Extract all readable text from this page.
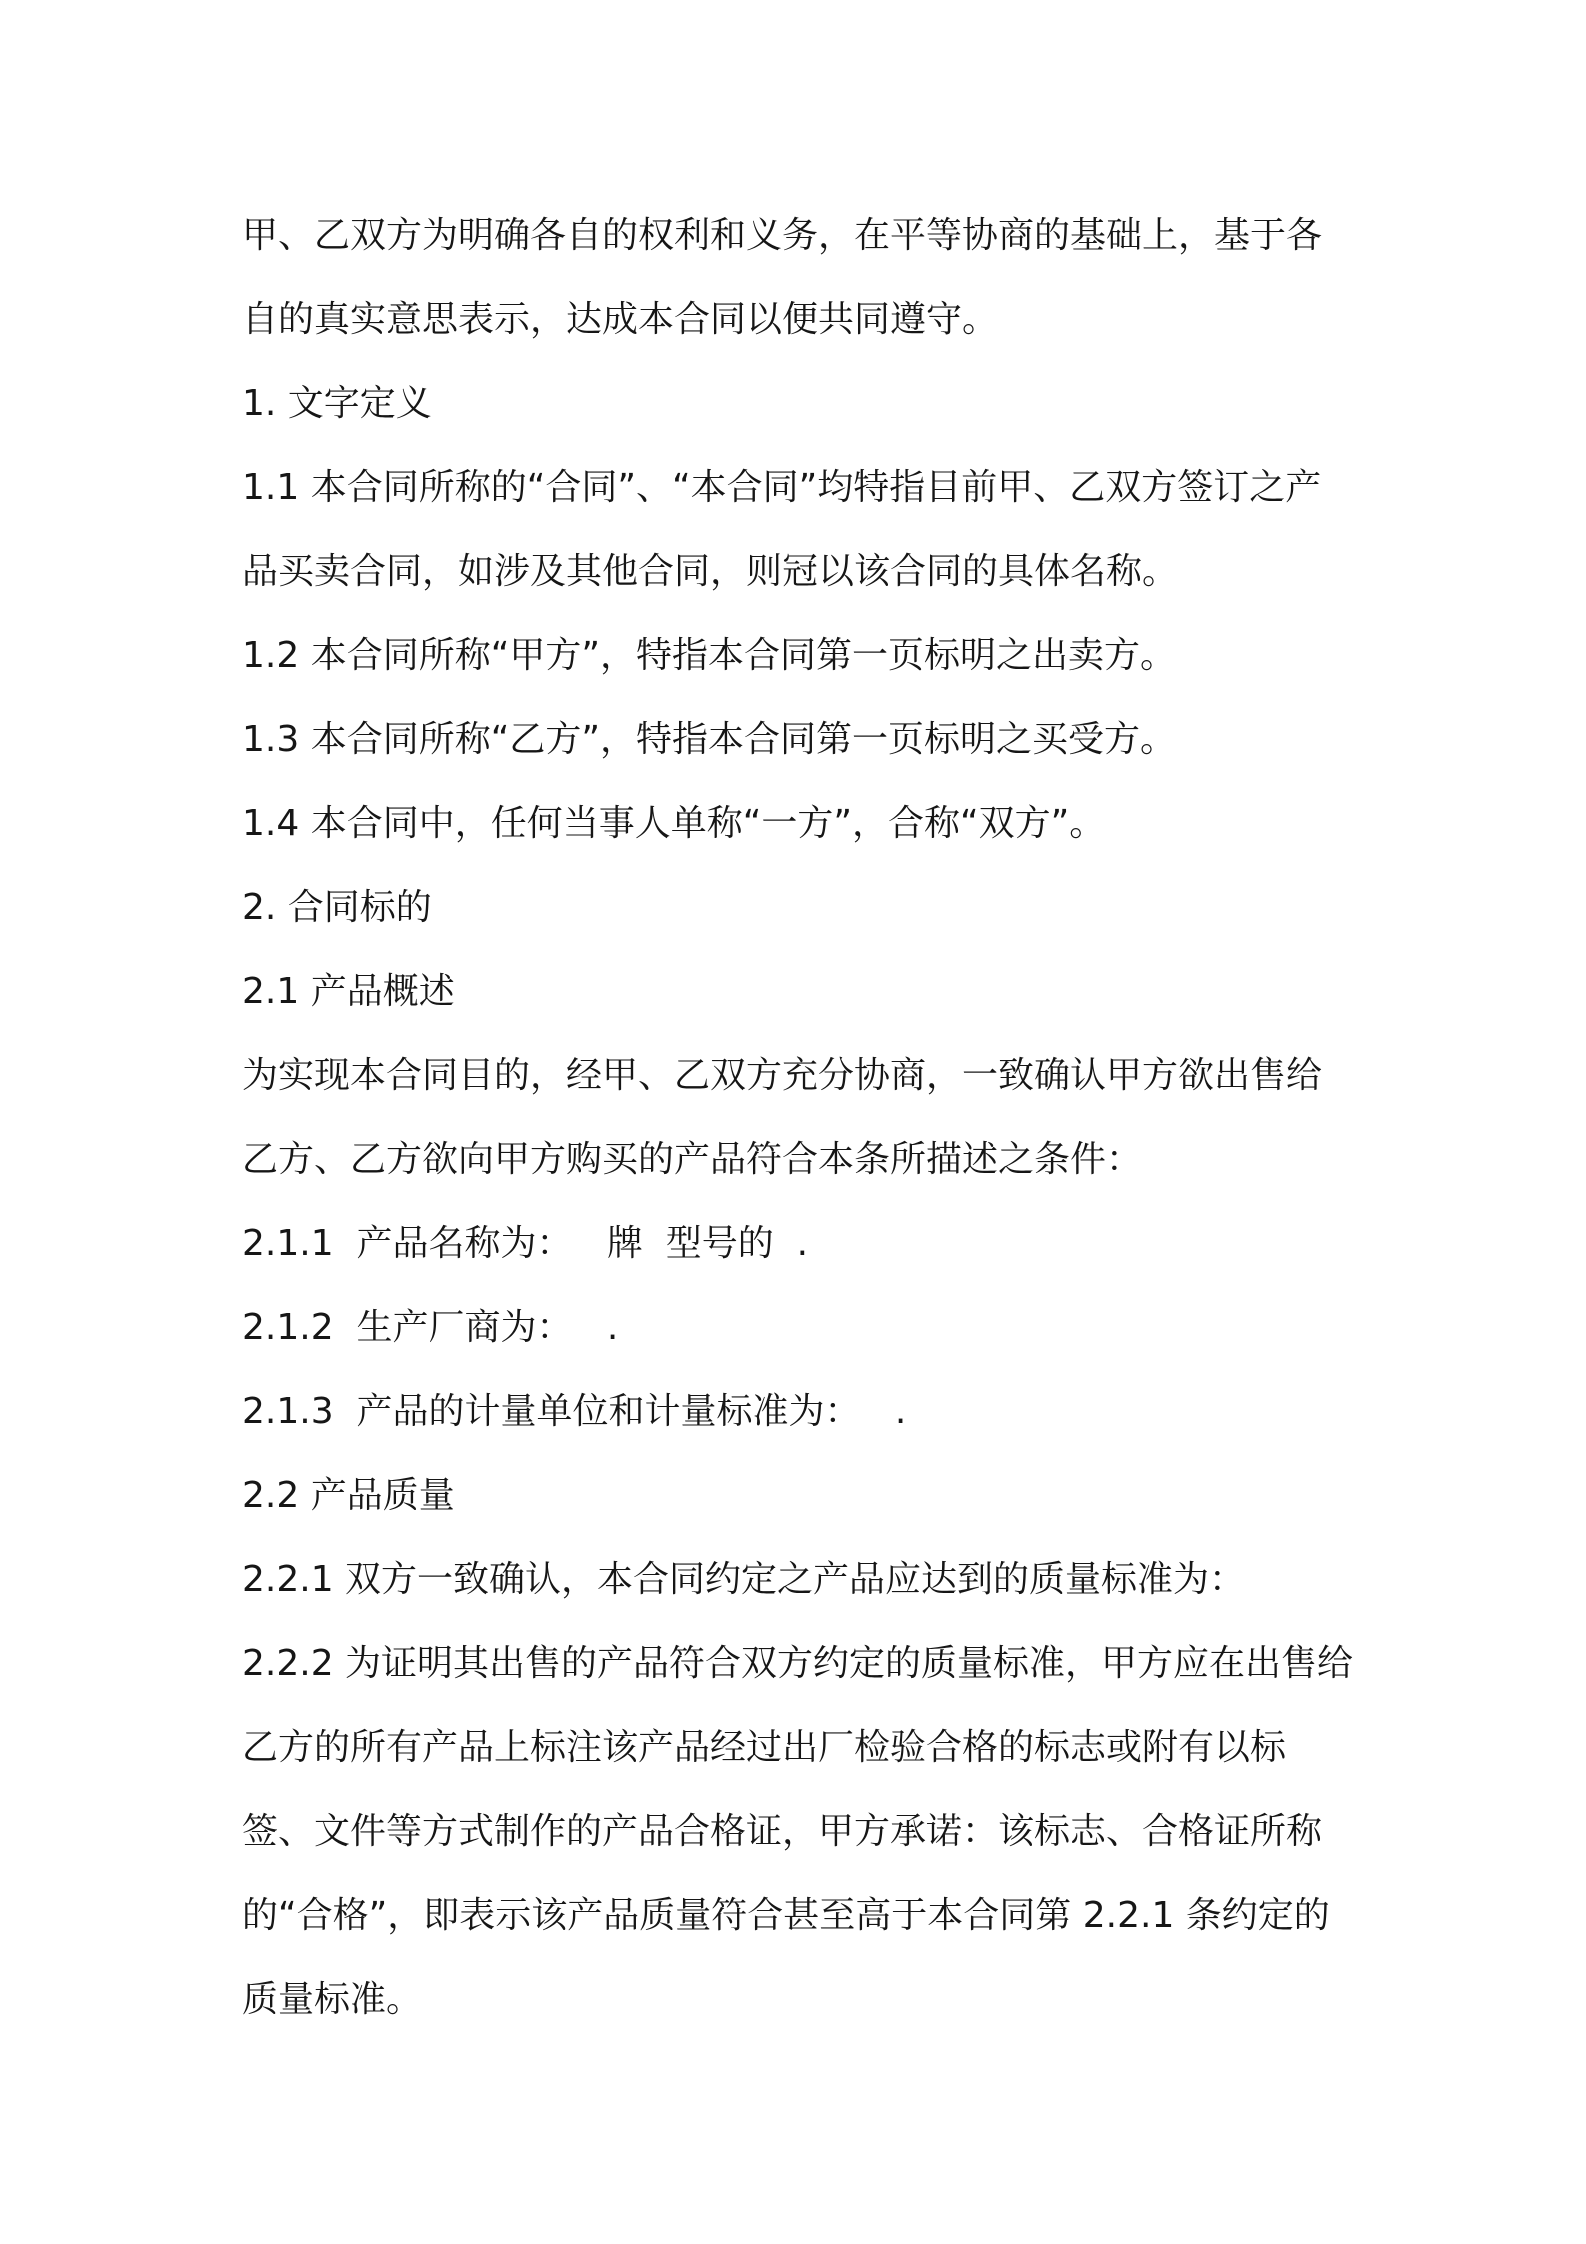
甲、乙双方为明确各自的权利和义务，在平等协商的基础上，基于各自的真实意思表示，达成本合同以便共同遵守。

1. 文字定义

1.1 本合同所称的“合同”、“本合同”均特指目前甲、乙双方签订之产品买卖合同，如涉及其他合同，则冠以该合同的具体名称。

1.2 本合同所称“甲方”，特指本合同第一页标明之出卖方。

1.3 本合同所称“乙方”，特指本合同第一页标明之买受方。

1.4 本合同中，任何当事人单称“一方”，合称“双方”。

2. 合同标的

2.1 产品概述

为实现本合同目的，经甲、乙双方充分协商，一致确认甲方欲出售给乙方、乙方欲向甲方购买的产品符合本条所描述之条件：

2.1.1  产品名称为：   牌  型号的  .

2.1.2  生产厂商为：   .

2.1.3  产品的计量单位和计量标准为：   .

2.2 产品质量

2.2.1 双方一致确认，本合同约定之产品应达到的质量标准为：

2.2.2 为证明其出售的产品符合双方约定的质量标准，甲方应在出售给乙方的所有产品上标注该产品经过出厂检验合格的标志或附有以标签、文件等方式制作的产品合格证，甲方承诺：该标志、合格证所称的“合格”，即表示该产品质量符合甚至高于本合同第 2.2.1 条约定的质量标准。
